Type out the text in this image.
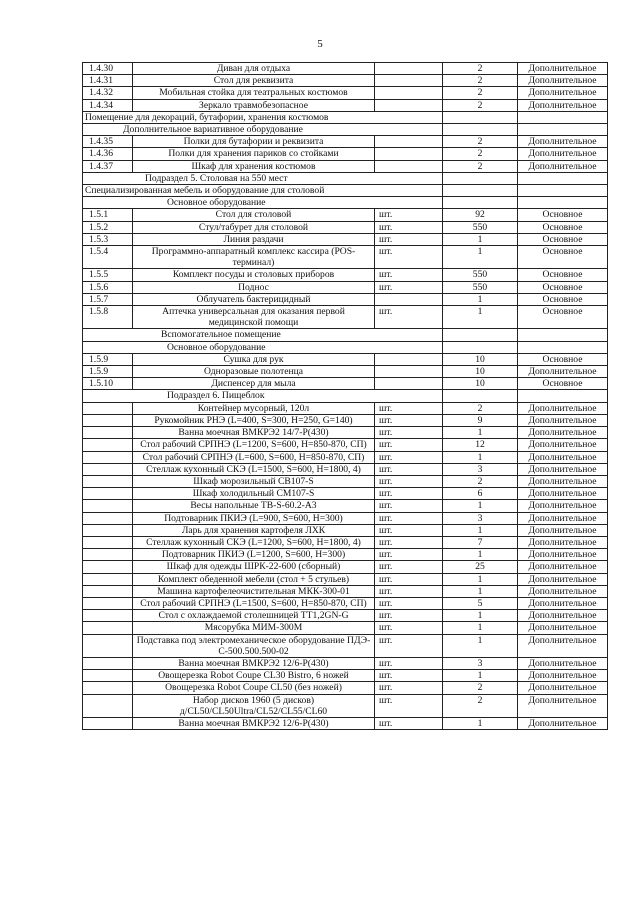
5
1.4.30	Диван для отдыха		2	Дополнительное
1.4.31	Стол для реквизита		2	Дополнительное
1.4.32	Мобильная стойка для театральных костюмов		2	Дополнительное
1.4.34	Зеркало травмобезопасное		2	Дополнительное
Помещение для декораций, бутафории, хранения костюмов				
Дополнительное вариативное оборудование				
1.4.35	Полки для бутафории и реквизита		2	Дополнительное
1.4.36	Полки для хранения париков со стойками		2	Дополнительное
1.4.37	Шкаф для хранения костюмов		2	Дополнительное
Подраздел 5. Столовая на 550 мест				
Специализированная мебель и оборудование для столовой				
Основное оборудование				
1.5.1	Стол для столовой	шт.	92	Основное
1.5.2	Стул/табурет для столовой	шт.	550	Основное
1.5.3	Линия раздачи	шт.	1	Основное
1.5.4	Программно-аппаратный комплекс кассира (POS-терминал)	шт.	1	Основное
1.5.5	Комплект посуды и столовых приборов	шт.	550	Основное
1.5.6	Поднос	шт.	550	Основное
1.5.7	Облучатель бактерицидный		1	Основное
1.5.8	Аптечка универсальная для оказания первой медицинской помощи	шт.	1	Основное
Вспомогательное помещение				
Основное оборудование				
1.5.9	Сушка для рук		10	Основное
1.5.9	Одноразовые полотенца		10	Дополнительное
1.5.10	Диспенсер для мыла		10	Основное
Подраздел 6. Пищеблок				
	Контейнер мусорный, 120л	шт.	2	Дополнительное
	Рукомойник РНЭ (L=400, S=300, H=250, G=140)	шт.	9	Дополнительное
	Ванна моечная ВМКРЭ2 14/7-Р(430)	шт.	1	Дополнительное
	Стол рабочий СРПНЭ (L=1200, S=600, H=850-870, СП)	шт.	12	Дополнительное
	Стол рабочий СРПНЭ (L=600, S=600, H=850-870, СП)	шт.	1	Дополнительное
	Стеллаж кухонный СКЭ (L=1500, S=600, H=1800, 4)	шт.	3	Дополнительное
	Шкаф морозильный СВ107-S	шт.	2	Дополнительное
	Шкаф холодильный СМ107-S	шт.	6	Дополнительное
	Весы напольные ТВ-S-60.2-А3	шт.	1	Дополнительное
	Подтоварник ПКИЭ (L=900, S=600, H=300)	шт.	3	Дополнительное
	Ларь для хранения картофеля ЛХК	шт.	1	Дополнительное
	Стеллаж кухонный СКЭ (L=1200, S=600, H=1800, 4)	шт.	7	Дополнительное
	Подтоварник ПКИЭ (L=1200, S=600, H=300)	шт.	1	Дополнительное
	Шкаф для одежды ШРК-22-600 (сборный)	шт.	25	Дополнительное
	Комплект обеденной мебели (стол + 5 стульев)	шт.	1	Дополнительное
	Машина картофелеочистительная МКК-300-01	шт.	1	Дополнительное
	Стол рабочий СРПНЭ (L=1500, S=600, H=850-870, СП)	шт.	5	Дополнительное
	Стол с охлаждаемой столешницей ТТ1,2GN-G	шт.	1	Дополнительное
	Мясорубка МИМ-300М	шт.	1	Дополнительное
	Подставка под электромеханическое оборудование ПДЭ-С-500.500.500-02	шт.	1	Дополнительное
	Ванна моечная ВМКРЭ2 12/6-Р(430)	шт.	3	Дополнительное
	Овощерезка Robot Coupe CL30 Bistro, 6 ножей	шт.	1	Дополнительное
	Овощерезка Robot Coupe CL50 (без ножей)	шт.	2	Дополнительное
	Набор дисков 1960 (5 дисков) д/CL50/CL50Ultra/CL52/CL55/CL60	шт.	2	Дополнительное
	Ванна моечная ВМКРЭ2 12/6-Р(430)	шт.	1	Дополнительное
